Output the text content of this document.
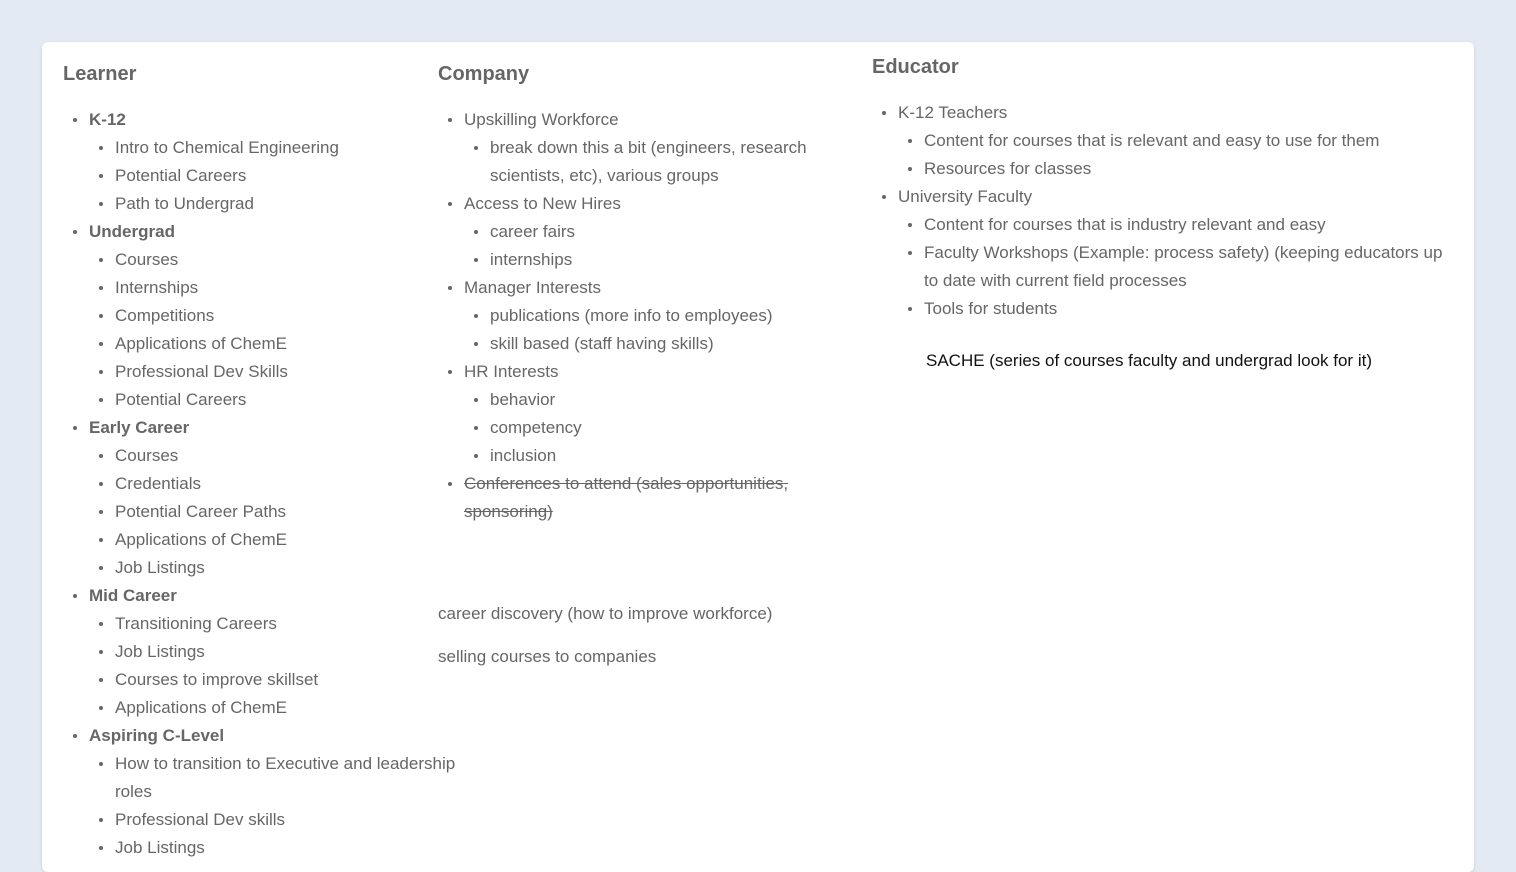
Learner
K-12
Intro to Chemical Engineering
Potential Careers
Path to Undergrad
Undergrad
Courses
Internships
Competitions
Applications of ChemE
Professional Dev Skills
Potential Careers
Early Career
Courses
Credentials
Potential Career Paths
Applications of ChemE
Job Listings
Mid Career
Transitioning Careers
Job Listings
Courses to improve skillset
Applications of ChemE
Aspiring C-Level
How to transition to Executive and leadership roles
Professional Dev skills
Job Listings
Company
Upskilling Workforce
break down this a bit (engineers, research scientists, etc), various groups
Access to New Hires
career fairs
internships
Manager Interests
publications (more info to employees)
skill based (staff having skills)
HR Interests
behavior
competency
inclusion
Conferences to attend (sales opportunities, sponsoring)
career discovery (how to improve workforce)
selling courses to companies
Educator
K-12 Teachers
Content for courses that is relevant and easy to use for them
Resources for classes
University Faculty
Content for courses that is industry relevant and easy
Faculty Workshops (Example: process safety) (keeping educators up to date with current field processes
Tools for students
SACHE (series of courses faculty and undergrad look for it)
